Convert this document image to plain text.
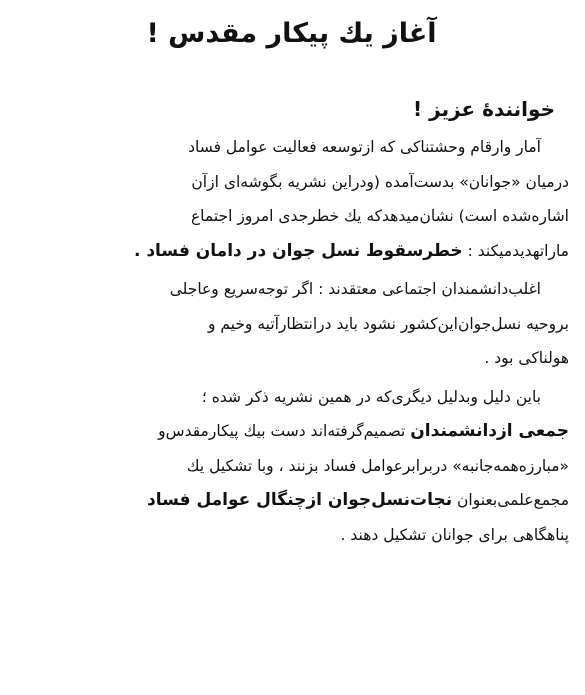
آغاز یك پیكار مقدس !
خوانندهٔ عزیز !
آمار وارقام وحشتناکی که ازتوسعه فعالیت عوامل فساد
درمیان «جوانان» بدست‌آمده (ودراین نشریه بگوشه‌ای ازآن
اشاره‌شده است) نشان‌میدهدکه یك خطرجدی امروز اجتماع
ماراتهدیدمیکند : خطرسقوط نسل جوان در دامان فساد .
اغلب‌دانشمندان اجتماعی معتقدند : اگر توجه‌سریع وعاجلی
بروحیه نسل‌جوان‌این‌کشور نشود باید درانتظارآتیه وخیم و
هولناکی بود .
باین دلیل وبدلیل دیگری‌که در همین نشریه ذکر شده ؛
جمعی ازدانشمندان تصمیم‌گرفته‌اند دست بیك پیكارمقدس‌و
«مبارزه‌همه‌جانبه» دربرابرعوامل فساد بزنند ، وبا تشکیل یك
مجمع‌علمی‌بعنوان نجات‌نسل‌جوان ازچنگال عوامل فساد
پناهگاهی برای جوانان تشکیل دهند .
